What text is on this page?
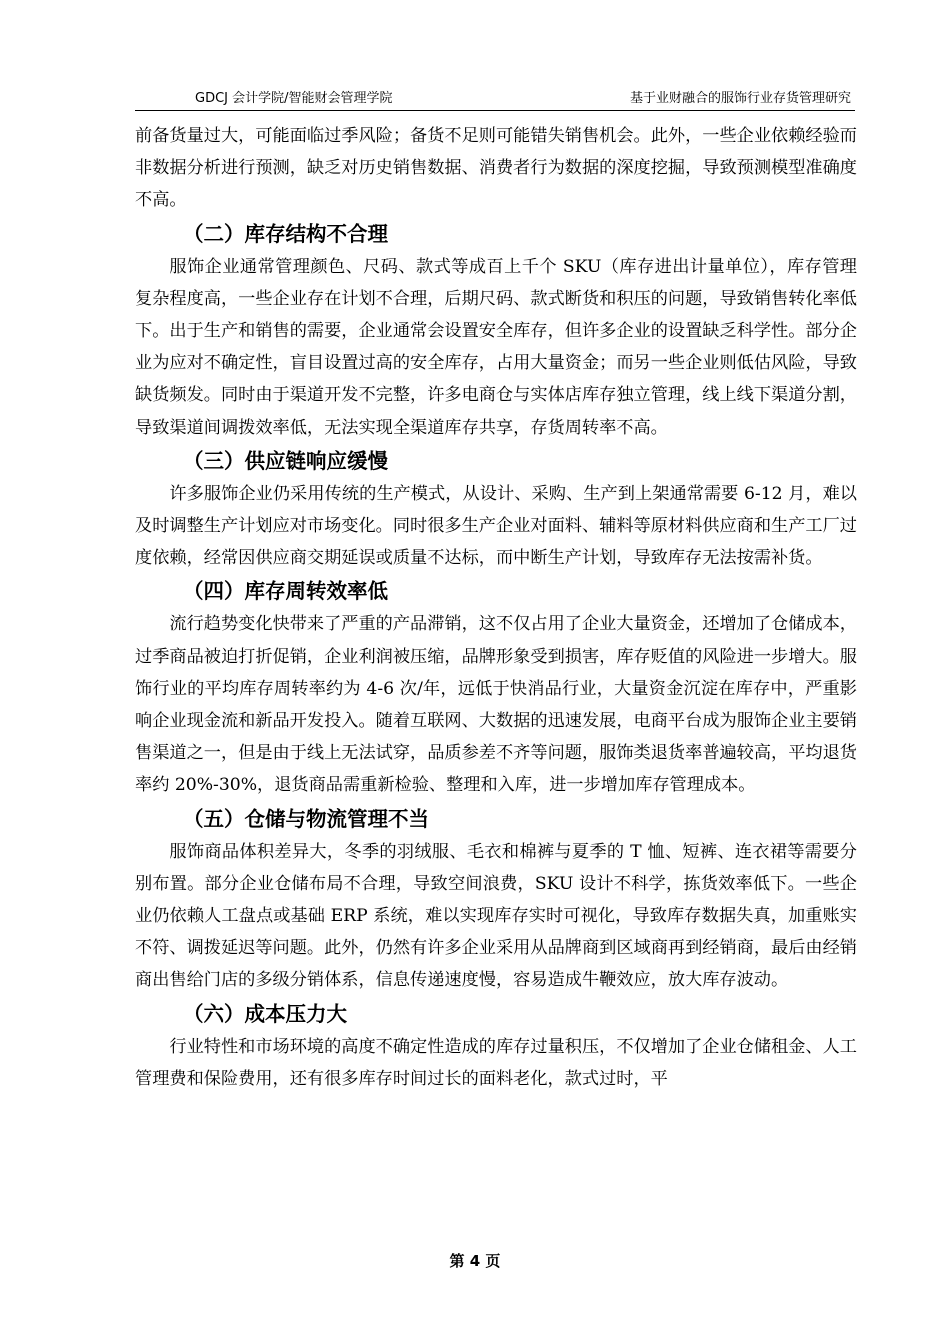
GDCJ 会计学院/智能财会管理学院	基于业财融合的服饰行业存货管理研究

前备货量过大，可能面临过季风险；备货不足则可能错失销售机会。此外，一些企业依赖经验而非数据分析进行预测，缺乏对历史销售数据、消费者行为数据的深度挖掘，导致预测模型准确度不高。

（二）库存结构不合理

服饰企业通常管理颜色、尺码、款式等成百上千个 SKU（库存进出计量单位），库存管理复杂程度高，一些企业存在计划不合理，后期尺码、款式断货和积压的问题，导致销售转化率低下。出于生产和销售的需要，企业通常会设置安全库存，但许多企业的设置缺乏科学性。部分企业为应对不确定性，盲目设置过高的安全库存，占用大量资金；而另一些企业则低估风险，导致缺货频发。同时由于渠道开发不完整，许多电商仓与实体店库存独立管理，线上线下渠道分割，导致渠道间调拨效率低，无法实现全渠道库存共享，存货周转率不高。

（三）供应链响应缓慢

许多服饰企业仍采用传统的生产模式，从设计、采购、生产到上架通常需要 6-12 月，难以及时调整生产计划应对市场变化。同时很多生产企业对面料、辅料等原材料供应商和生产工厂过度依赖，经常因供应商交期延误或质量不达标，而中断生产计划，导致库存无法按需补货。

（四）库存周转效率低

流行趋势变化快带来了严重的产品滞销，这不仅占用了企业大量资金，还增加了仓储成本，过季商品被迫打折促销，企业利润被压缩，品牌形象受到损害，库存贬值的风险进一步增大。服饰行业的平均库存周转率约为 4-6 次/年，远低于快消品行业，大量资金沉淀在库存中，严重影响企业现金流和新品开发投入。随着互联网、大数据的迅速发展，电商平台成为服饰企业主要销售渠道之一，但是由于线上无法试穿，品质参差不齐等问题，服饰类退货率普遍较高，平均退货率约 20%-30%，退货商品需重新检验、整理和入库，进一步增加库存管理成本。

（五）仓储与物流管理不当

服饰商品体积差异大，冬季的羽绒服、毛衣和棉裤与夏季的 T 恤、短裤、连衣裙等需要分别布置。部分企业仓储布局不合理，导致空间浪费，SKU 设计不科学，拣货效率低下。一些企业仍依赖人工盘点或基础 ERP 系统，难以实现库存实时可视化，导致库存数据失真，加重账实不符、调拨延迟等问题。此外，仍然有许多企业采用从品牌商到区域商再到经销商，最后由经销商出售给门店的多级分销体系，信息传递速度慢，容易造成牛鞭效应，放大库存波动。

（六）成本压力大

行业特性和市场环境的高度不确定性造成的库存过量积压，不仅增加了企业仓储租金、人工管理费和保险费用，还有很多库存时间过长的面料老化，款式过时，平

第 4 页
